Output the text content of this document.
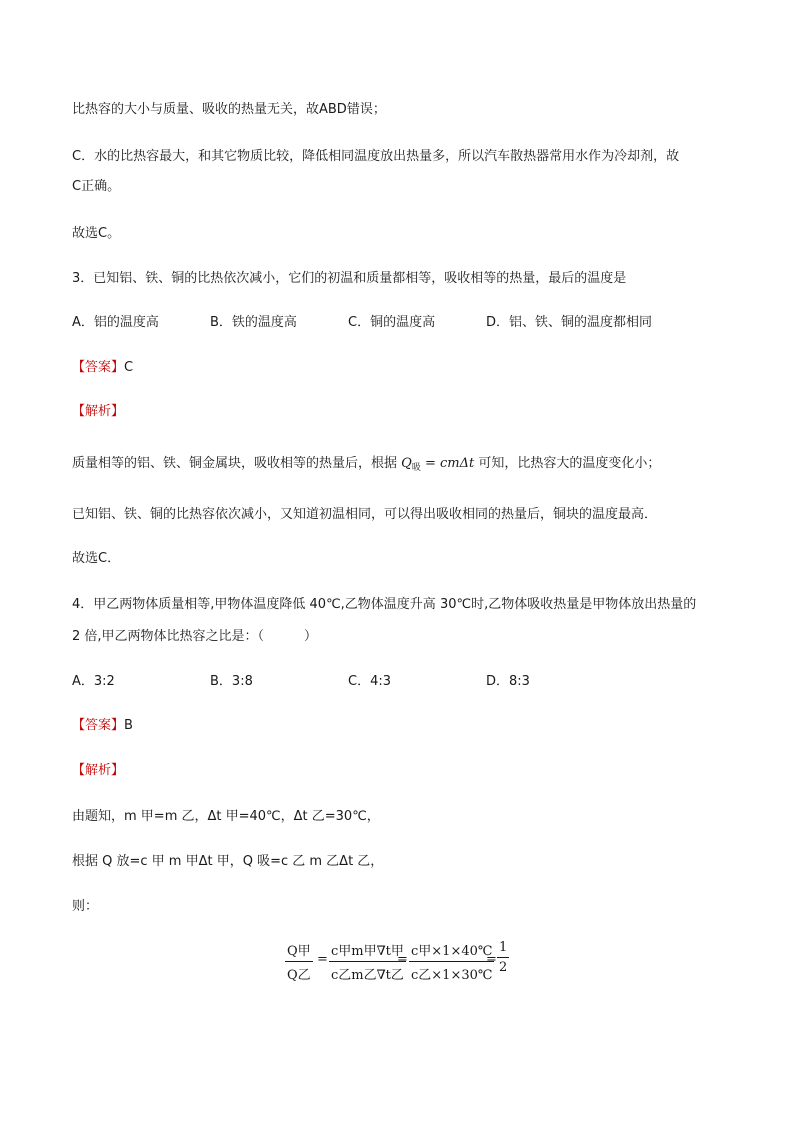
比热容的大小与质量、吸收的热量无关，故ABD错误；
C．水的比热容最大，和其它物质比较，降低相同温度放出热量多，所以汽车散热器常用水作为冷却剂，故
C正确。
故选C。
3．已知铝、铁、铜的比热依次减小，它们的初温和质量都相等，吸收相等的热量，最后的温度是
A．铝的温度高	B．铁的温度高	C．铜的温度高	D．铝、铁、铜的温度都相同
【答案】C
【解析】
质量相等的铝、铁、铜金属块，吸收相等的热量后，根据 $Q_吸 = cm\Delta t$ 可知，比热容大的温度变化小；
已知铝、铁、铜的比热容依次减小，又知道初温相同，可以得出吸收相同的热量后，铜块的温度最高．
故选C．
4．甲乙两物体质量相等,甲物体温度降低 40℃,乙物体温度升高 30℃时,乙物体吸收热量是甲物体放出热量的
2 倍,甲乙两物体比热容之比是：（	）
A．3:2	B．3:8	C．4:3	D．8:3
【答案】B
【解析】
由题知，m 甲=m 乙，Δt 甲=40℃，Δt 乙=30℃，
根据 Q 放=c 甲 m 甲Δt 甲，Q 吸=c 乙 m 乙Δt 乙，
则：
Q甲
Q乙
=
c甲m甲∇t甲
c乙m乙∇t乙
=
c甲×1×40℃
c乙×1×30℃
= $\frac{1}{2}$
